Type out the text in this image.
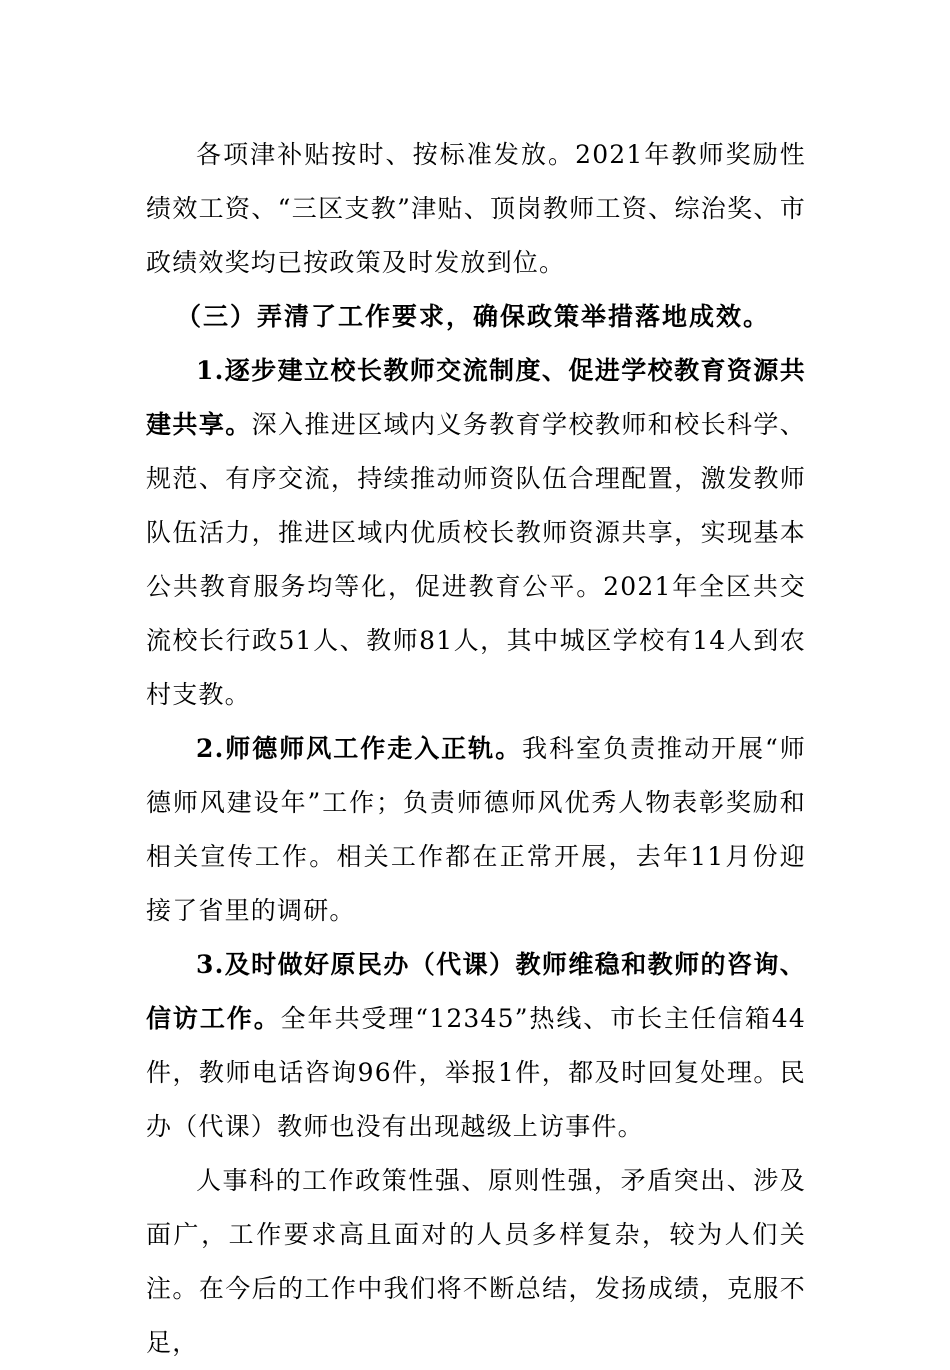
各项津补贴按时、按标准发放。2021年教师奖励性绩效工资、“三区支教”津贴、顶岗教师工资、综治奖、市政绩效奖均已按政策及时发放到位。

（三）弄清了工作要求，确保政策举措落地成效。

1.逐步建立校长教师交流制度、促进学校教育资源共建共享。深入推进区域内义务教育学校教师和校长科学、规范、有序交流，持续推动师资队伍合理配置，激发教师队伍活力，推进区域内优质校长教师资源共享，实现基本公共教育服务均等化，促进教育公平。2021年全区共交流校长行政51人、教师81人，其中城区学校有14人到农村支教。

2.师德师风工作走入正轨。我科室负责推动开展“师德师风建设年”工作；负责师德师风优秀人物表彰奖励和相关宣传工作。相关工作都在正常开展，去年11月份迎接了省里的调研。

3.及时做好原民办（代课）教师维稳和教师的咨询、信访工作。全年共受理“12345”热线、市长主任信箱44件，教师电话咨询96件，举报1件，都及时回复处理。民办（代课）教师也没有出现越级上访事件。

人事科的工作政策性强、原则性强，矛盾突出、涉及面广，工作要求高且面对的人员多样复杂，较为人们关注。在今后的工作中我们将不断总结，发扬成绩，克服不足，
